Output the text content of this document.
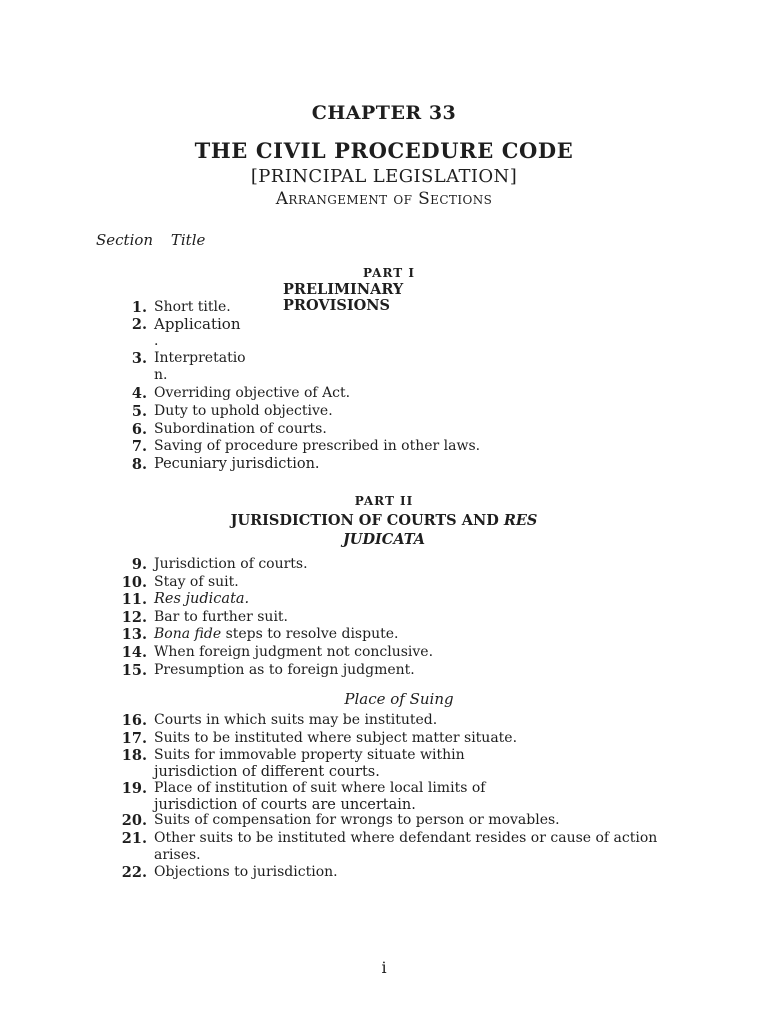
CHAPTER 33
THE CIVIL PROCEDURE CODE
[PRINCIPAL LEGISLATION]
Arrangement of Sections
Section Title
PART I
PRELIMINARY
PROVISIONS
1. Short title.
2. Application
.
3. Interpretatio
n.
4. Overriding objective of Act.
5. Duty to uphold objective.
6. Subordination of courts.
7. Saving of procedure prescribed in other laws.
8. Pecuniary jurisdiction.
PART II
JURISDICTION OF COURTS AND RES
JUDICATA
9. Jurisdiction of courts.
10. Stay of suit.
11. Res judicata.
12. Bar to further suit.
13. Bona fide steps to resolve dispute.
14. When foreign judgment not conclusive.
15. Presumption as to foreign judgment.
Place of Suing
16. Courts in which suits may be instituted.
17. Suits to be instituted where subject matter situate.
18. Suits for immovable property situate within
jurisdiction of different courts.
19. Place of institution of suit where local limits of
jurisdiction of courts are uncertain.
20. Suits of compensation for wrongs to person or movables.
21. Other suits to be instituted where defendant resides or cause of action
arises.
22. Objections to jurisdiction.
i
